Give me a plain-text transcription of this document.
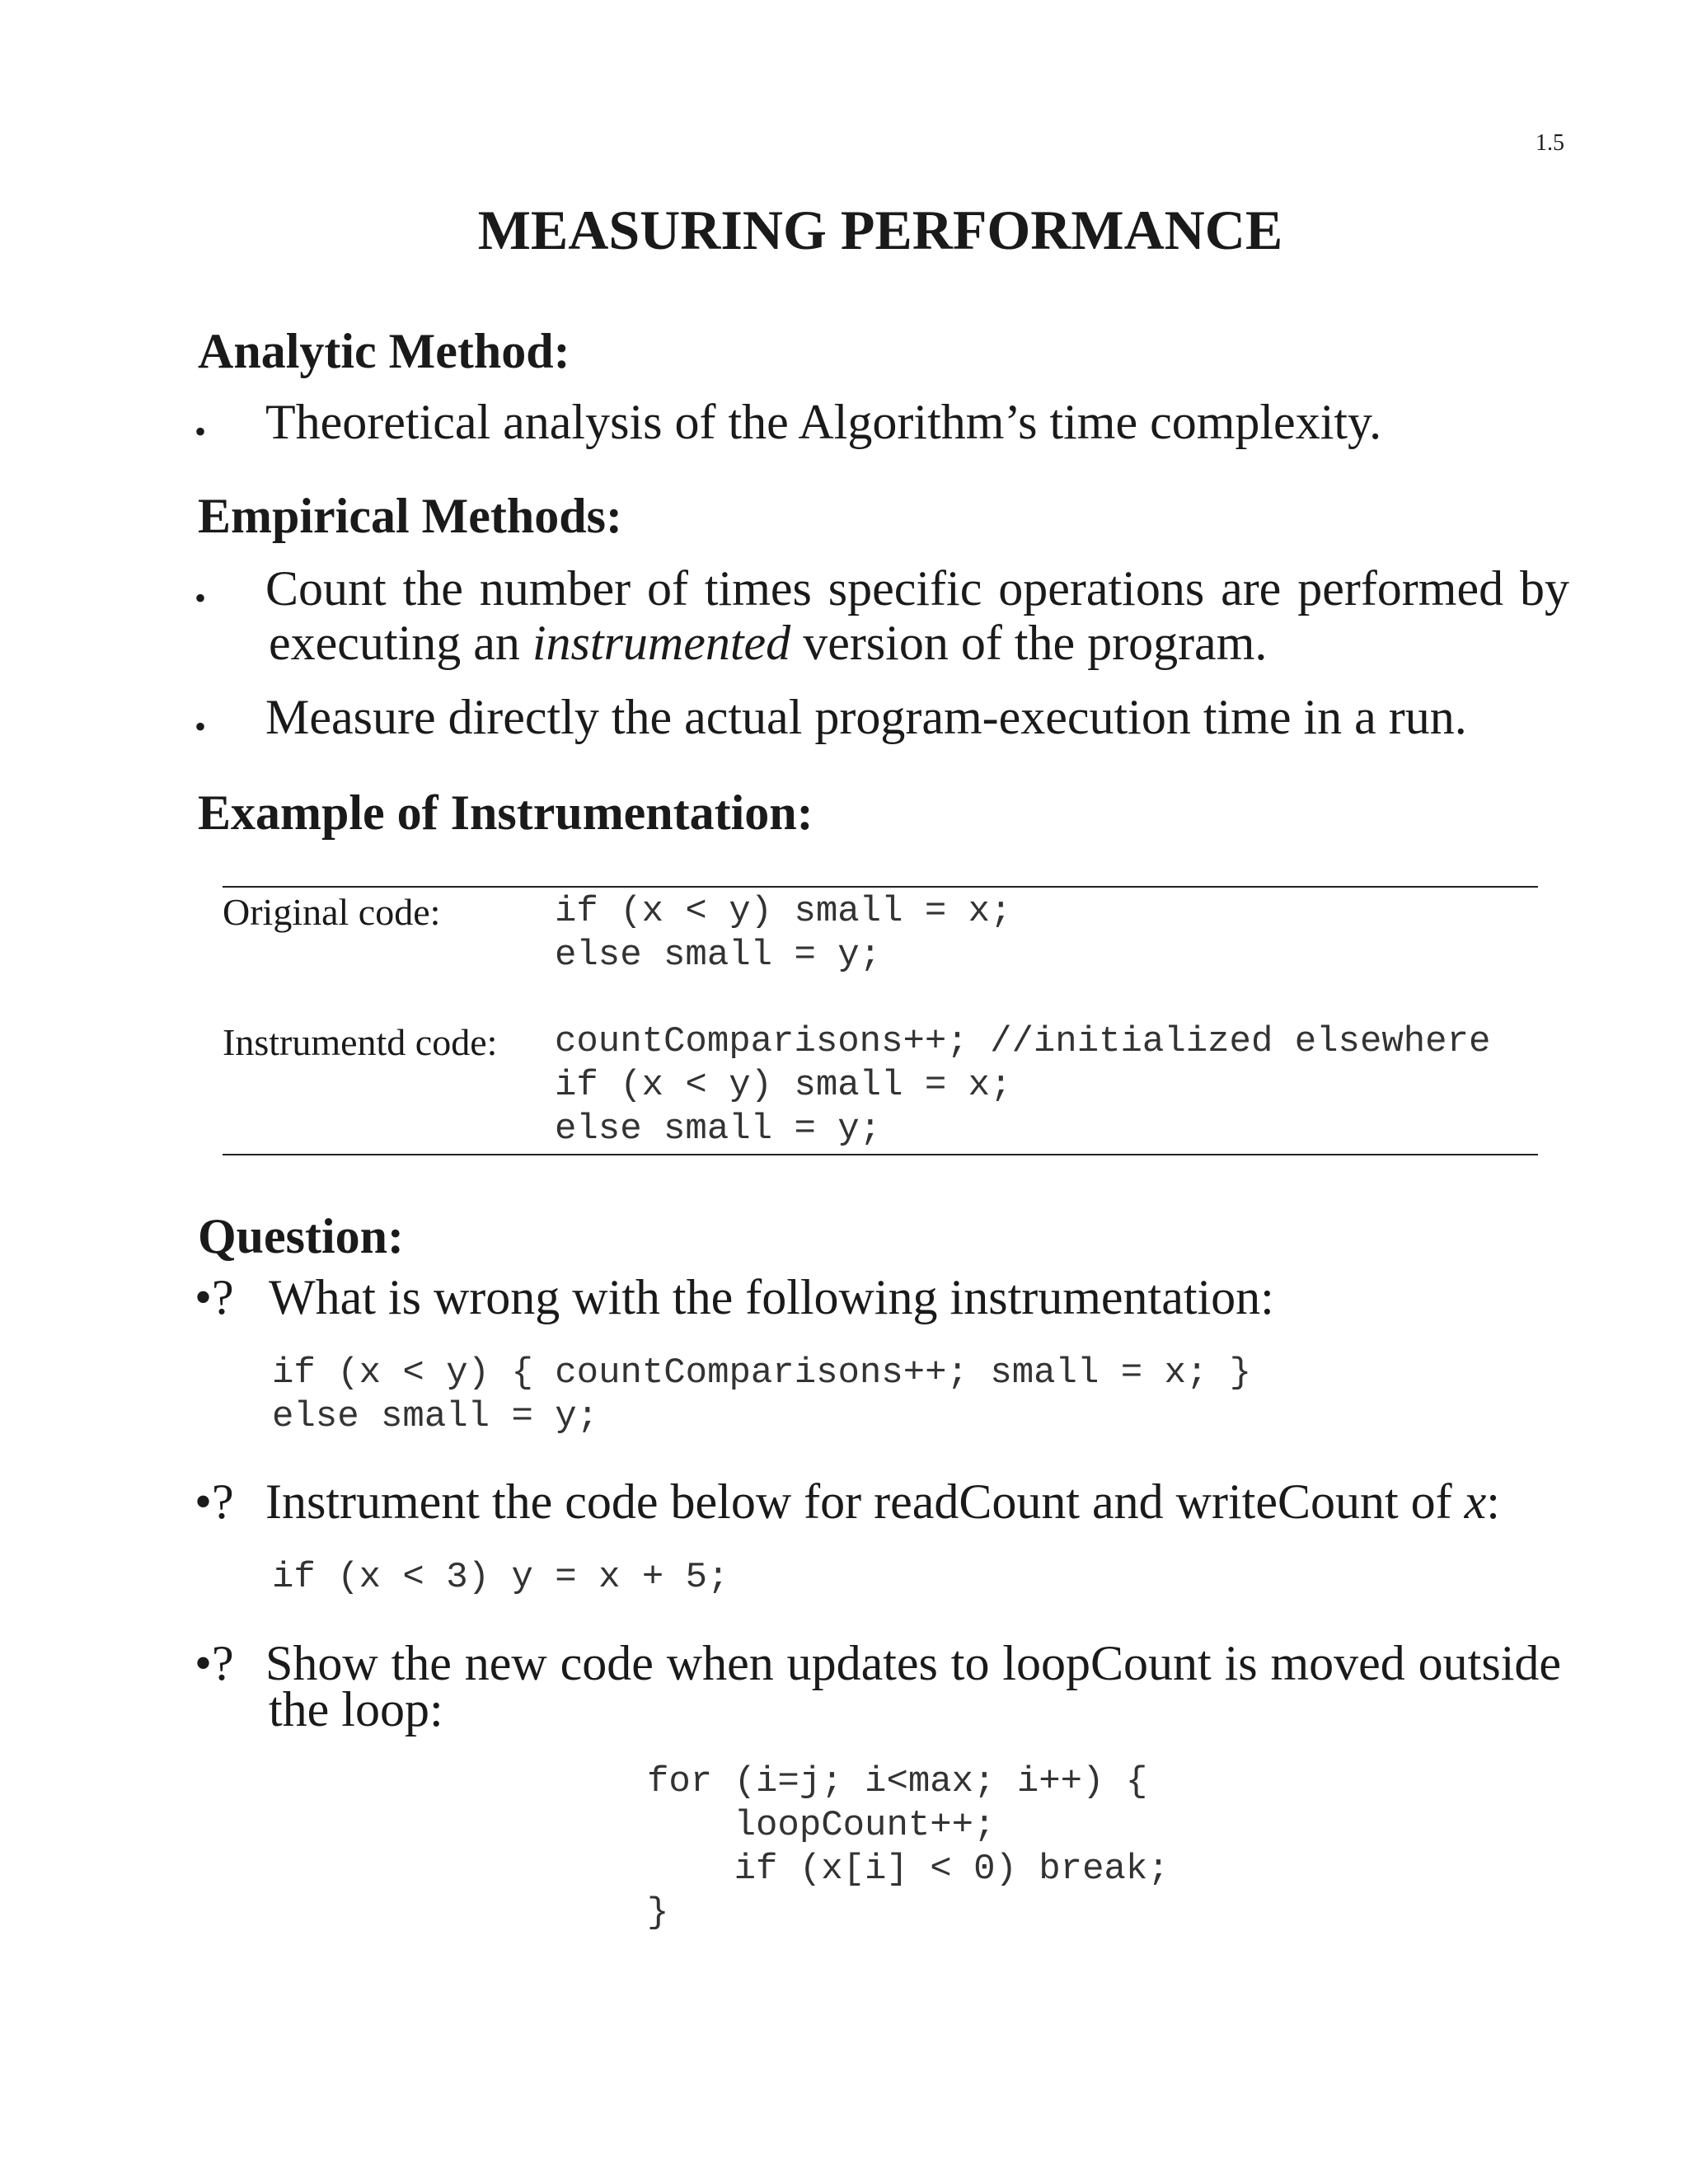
1.5
MEASURING PERFORMANCE
Analytic Method:
• Theoretical analysis of the Algorithm’s time complexity.
Empirical Methods:
• Count the number of times specific operations are performed by
executing an instrumented version of the program.
• Measure directly the actual program-execution time in a run.
Example of Instrumentation:
Original code:	if (x < y) small = x;
else small = y;
Instrumentd code: countComparisons++; //initialized elsewhere
if (x < y) small = x;
else small = y;
Question:
•? What is wrong with the following instrumentation:
if (x < y) { countComparisons++; small = x; }
else small = y;
•? Instrument the code below for readCount and writeCount of x:
if (x < 3) y = x + 5;
•? Show the new code when updates to loopCount is moved outside
the loop:
for (i=j; i<max; i++) {
loopCount++;
if (x[i] < 0) break;
}
